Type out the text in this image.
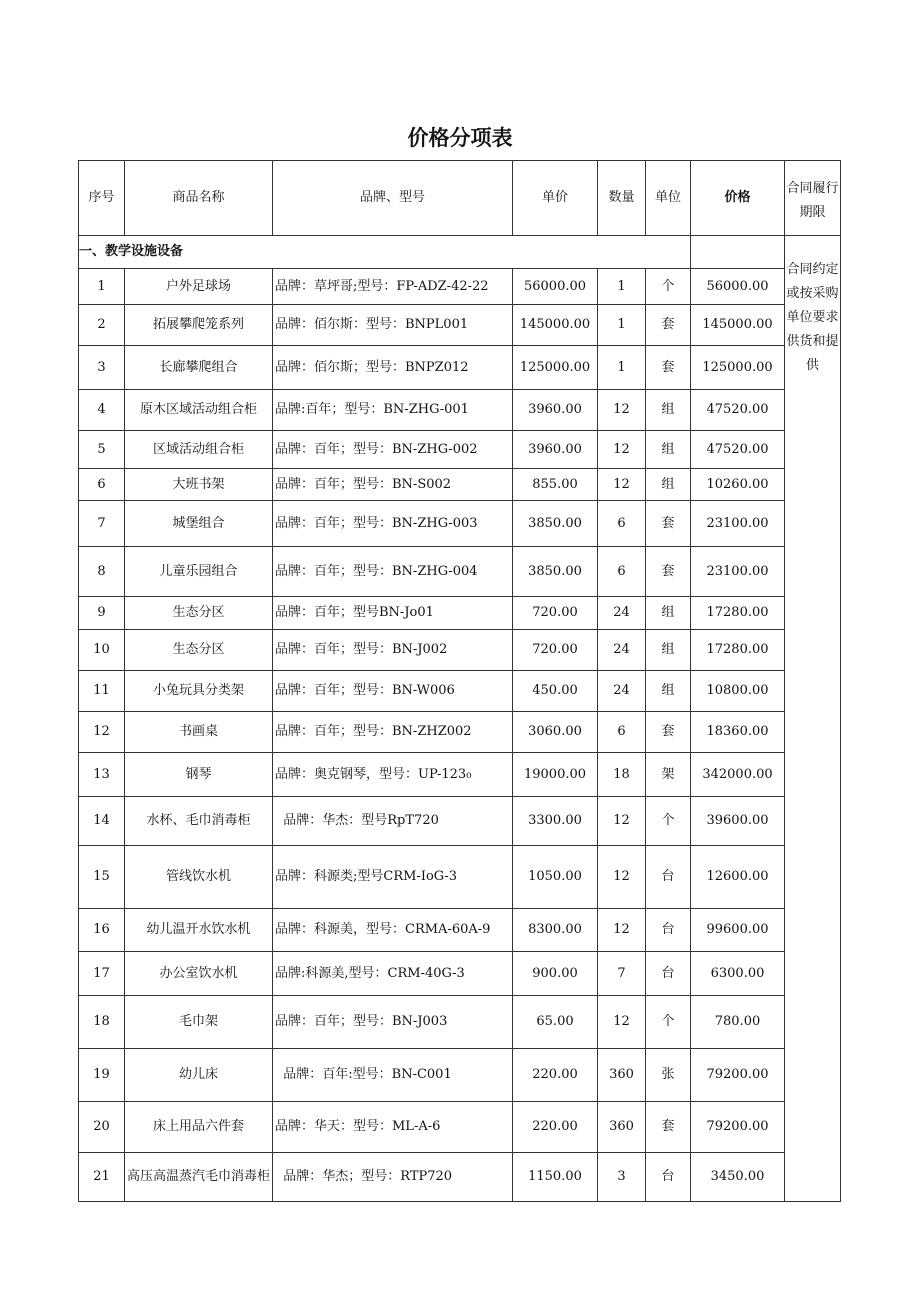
价格分项表
序号	商品名称	品牌、型号	单价	数量	单位	价格	合同履行期限
一、教学设施设备							合同约定或按采购单位要求供货和提供
1	户外足球场	品牌：草坪哥;型号：FP-ADZ-42-22	56000.00	1	个	56000.00	
2	拓展攀爬笼系列	品牌：佰尔斯：型号：BNPL001	145000.00	1	套	145000.00	
3	长廊攀爬组合	品牌：佰尔斯；型号：BNPZ012	125000.00	1	套	125000.00	
4	原木区域活动组合柜	品牌:百年；型号：BN-ZHG-001	3960.00	12	组	47520.00	
5	区域活动组合柜	品牌：百年；型号：BN-ZHG-002	3960.00	12	组	47520.00	
6	大班书架	品牌：百年；型号：BN-S002	855.00	12	组	10260.00	
7	城堡组合	品牌：百年；型号：BN-ZHG-003	3850.00	6	套	23100.00	
8	儿童乐园组合	品牌：百年；型号：BN-ZHG-004	3850.00	6	套	23100.00	
9	生态分区	品牌：百年；型号BN-Jo01	720.00	24	组	17280.00	
10	生态分区	品牌：百年；型号：BN-J002	720.00	24	组	17280.00	
11	小兔玩具分类架	品牌：百年；型号：BN-W006	450.00	24	组	10800.00	
12	书画桌	品牌：百年；型号：BN-ZHZ002	3060.00	6	套	18360.00	
13	钢琴	品牌：奥克钢琴，型号：UP-123₀	19000.00	18	架	342000.00	
14	水杯、毛巾消毒柜	品牌：华杰：型号RpT720	3300.00	12	个	39600.00	
15	管线饮水机	品牌：科源类;型号CRM-IoG-3	1050.00	12	台	12600.00	
16	幼儿温开水饮水机	品牌：科源美，型号：CRMA-60A-9	8300.00	12	台	99600.00	
17	办公室饮水机	品牌:科源美,型号：CRM-40G-3	900.00	7	台	6300.00	
18	毛巾架	品牌：百年；型号：BN-J003	65.00	12	个	780.00	
19	幼儿床	品牌：百年:型号：BN-C001	220.00	360	张	79200.00	
20	床上用品六件套	品牌：华天：型号：ML-A-6	220.00	360	套	79200.00	
21	高压高温蒸汽毛巾消毒柜	品牌：华杰；型号：RTP720	1150.00	3	台	3450.00	
